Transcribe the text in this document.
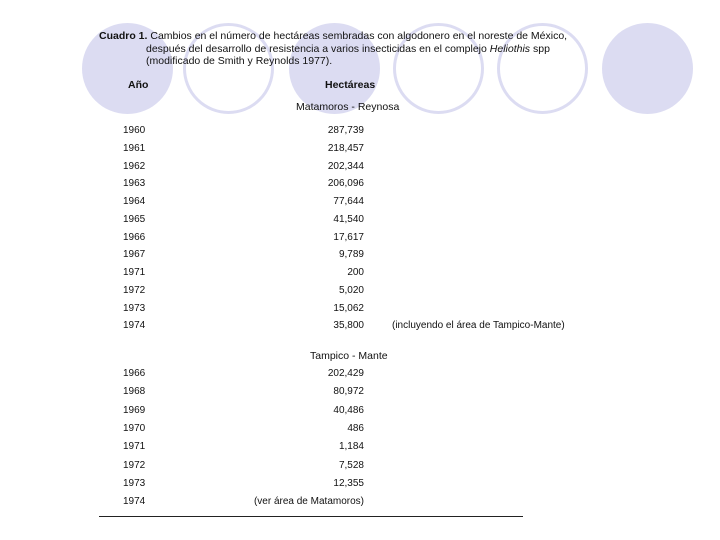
Cuadro 1. Cambios en el número de hectáreas sembradas con algodonero en el noreste de México,
después del desarrollo de resistencia a varios insecticidas en el complejo Heliothis spp
(modificado de Smith y Reynolds 1977).
Año	Hectáreas
Matamoros - Reynosa
1960	287,739
1961	218,457
1962	202,344
1963	206,096
1964	77,644
1965	41,540
1966	17,617
1967	9,789
1971	200
1972	5,020
1973	15,062
1974	35,800	(incluyendo el área de Tampico-Mante)
Tampico - Mante
1966	202,429
1968	80,972
1969	40,486
1970	486
1971	1,184
1972	7,528
1973	12,355
1974	(ver área de Matamoros)
